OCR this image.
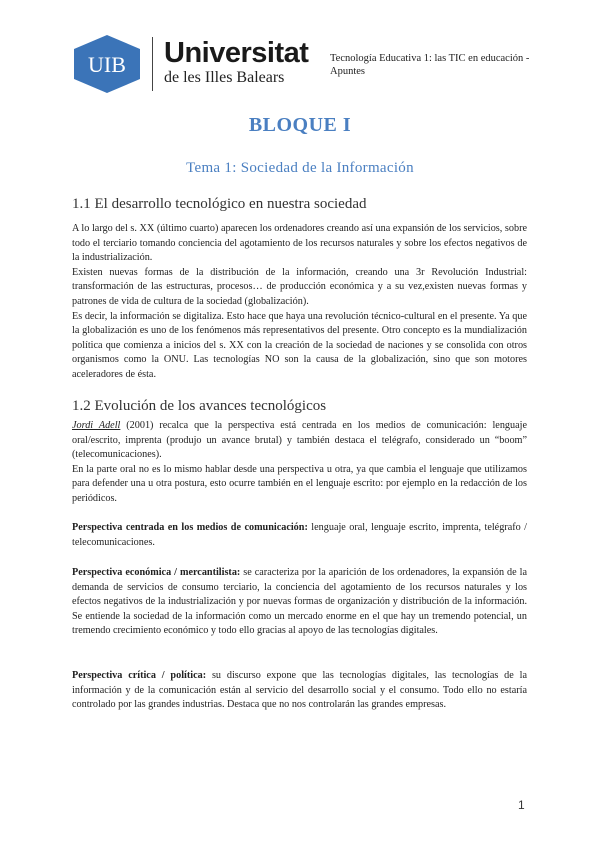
UIB Universitat
de les Illes Balears
Tecnología Educativa 1: las TIC en educación - Apuntes
BLOQUE I
Tema 1: Sociedad de la Información
1.1 El desarrollo tecnológico en nuestra sociedad

A lo largo del s. XX (último cuarto) aparecen los ordenadores creando así una expansión de los servicios, sobre todo el terciario tomando conciencia del agotamiento de los recursos naturales y sobre los efectos negativos de la industrialización.

Existen nuevas formas de la distribución de la información, creando una 3r Revolución Industrial: transformación de las estructuras, procesos… de producción económica y a su vez,existen nuevas formas y patrones de vida de cultura de la sociedad (globalización).

Es decir, la información se digitaliza. Esto hace que haya una revolución técnico-cultural en el presente. Ya que la globalización es uno de los fenómenos más representativos del presente. Otro concepto es la mundialización política que comienza a inicios del s. XX con la creación de la sociedad de naciones y se consolida con otros organismos como la ONU. Las tecnologías NO son la causa de la globalización, sino que son motores aceleradores de ésta.

1.2 Evolución de los avances tecnológicos

Jordi Adell (2001) recalca que la perspectiva está centrada en los medios de comunicación: lenguaje oral/escrito, imprenta (produjo un avance brutal) y también destaca el telégrafo, considerado un “boom” (telecomunicaciones).

En la parte oral no es lo mismo hablar desde una perspectiva u otra, ya que cambia el lenguaje que utilizamos para defender una u otra postura, esto ocurre también en el lenguaje escrito: por ejemplo en la redacción de los periódicos.

Perspectiva centrada en los medios de comunicación: lenguaje oral, lenguaje escrito, imprenta, telégrafo / telecomunicaciones.

Perspectiva económica / mercantilista: se caracteriza por la aparición de los ordenadores, la expansión de la demanda de servicios de consumo terciario, la conciencia del agotamiento de los recursos naturales y los efectos negativos de la industrialización y por nuevas formas de organización y distribución de la información. Se entiende la sociedad de la información como un mercado enorme en el que hay un tremendo potencial, un tremendo crecimiento económico y todo ello gracias al apoyo de las tecnologías digitales.

Perspectiva crítica / política: su discurso expone que las tecnologías digitales, las tecnologías de la información y de la comunicación están al servicio del desarrollo social y el consumo. Todo ello no estaría controlado por las grandes industrias. Destaca que no nos controlarán las grandes empresas.

1
